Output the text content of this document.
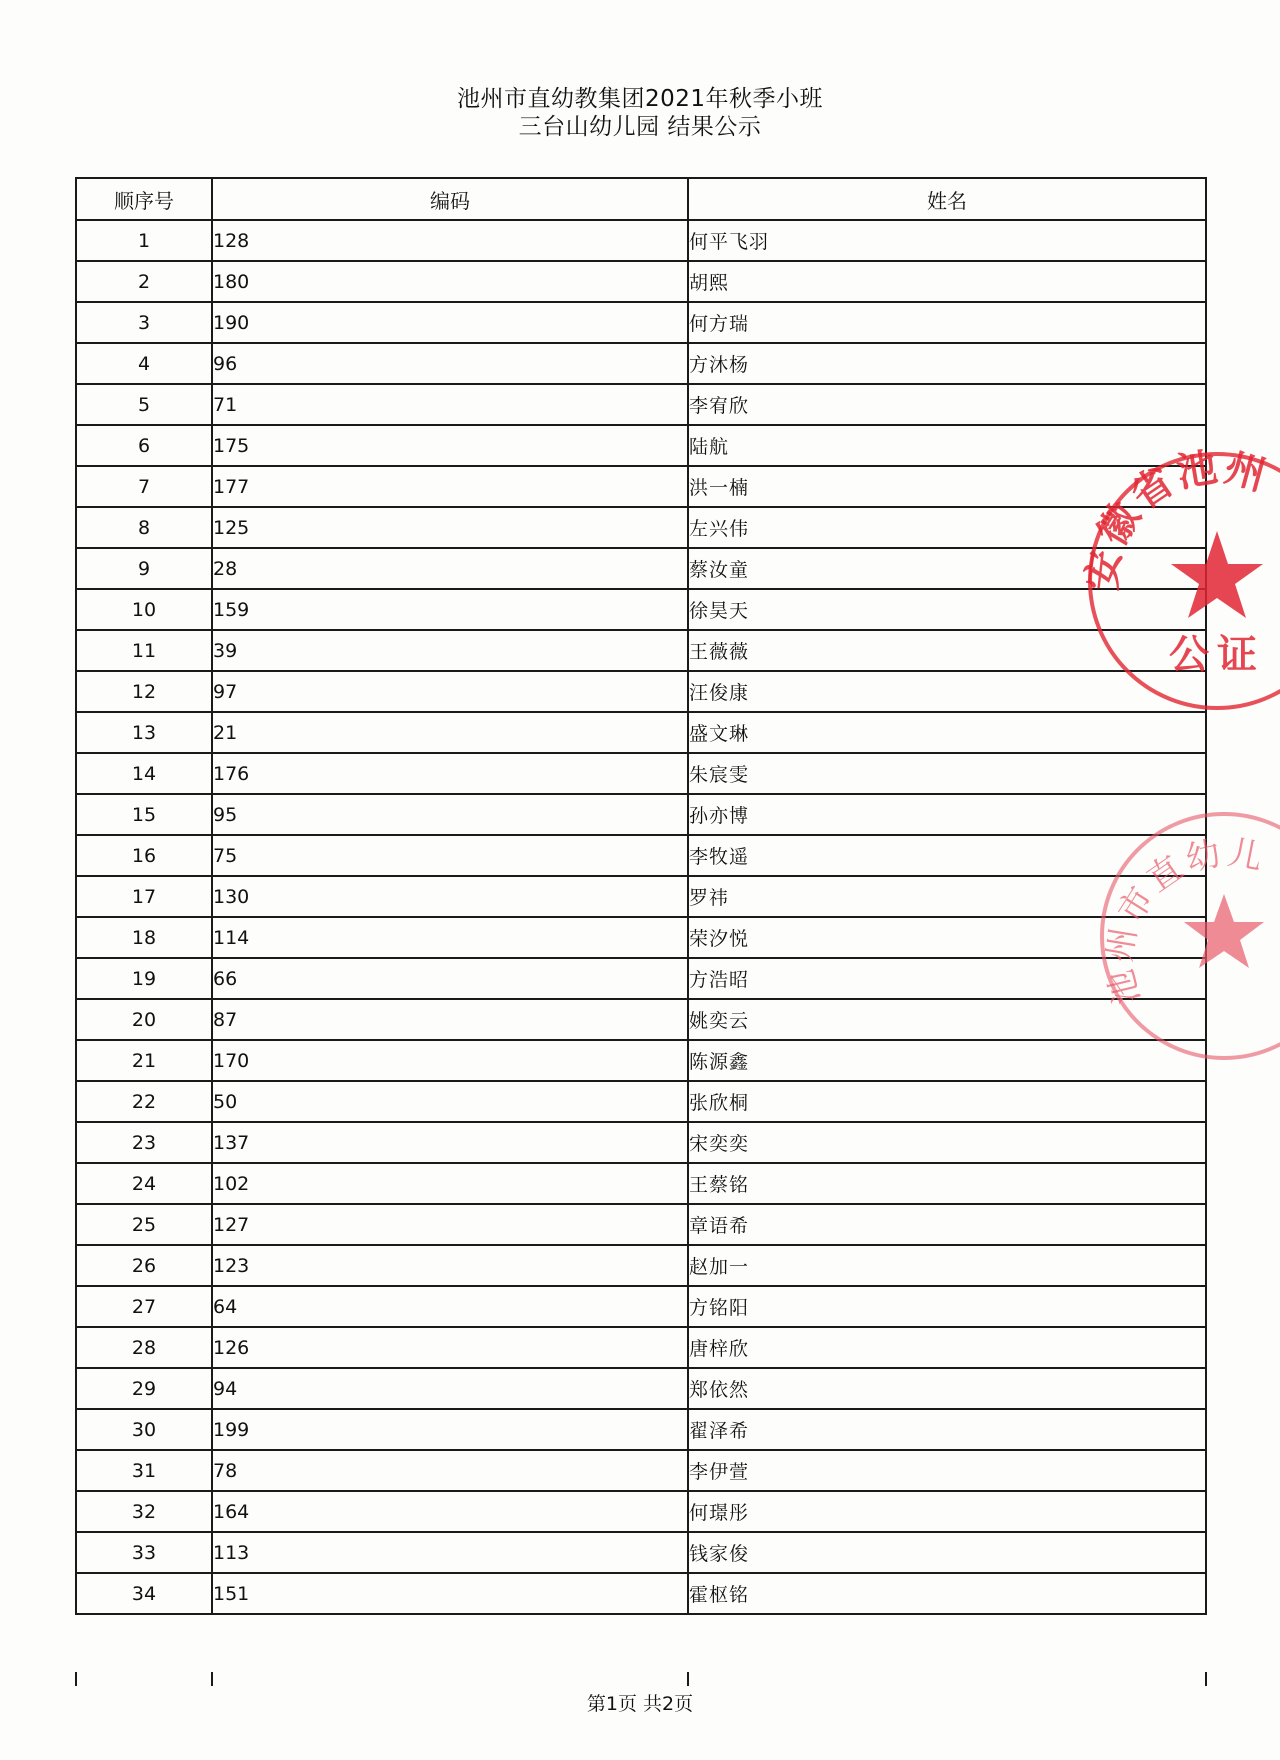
池州市直幼教集团2021年秋季小班
三台山幼儿园 结果公示
顺序号	编码	姓名
1	128	何平飞羽
2	180	胡熙
3	190	何方瑞
4	96	方沐杨
5	71	李宥欣
6	175	陆航
7	177	洪一楠
8	125	左兴伟
9	28	蔡汝童
10	159	徐昊天
11	39	王薇薇
12	97	汪俊康
13	21	盛文琳
14	176	朱宸雯
15	95	孙亦博
16	75	李牧遥
17	130	罗祎
18	114	荣汐悦
19	66	方浩昭
20	87	姚奕云
21	170	陈源鑫
22	50	张欣桐
23	137	宋奕奕
24	102	王蔡铭
25	127	章语希
26	123	赵加一
27	64	方铭阳
28	126	唐梓欣
29	94	郑依然
30	199	翟泽希
31	78	李伊萱
32	164	何璟彤
33	113	钱家俊
34	151	霍枢铭
第1页 共2页
安徽省池州
公证
池州市直幼儿
